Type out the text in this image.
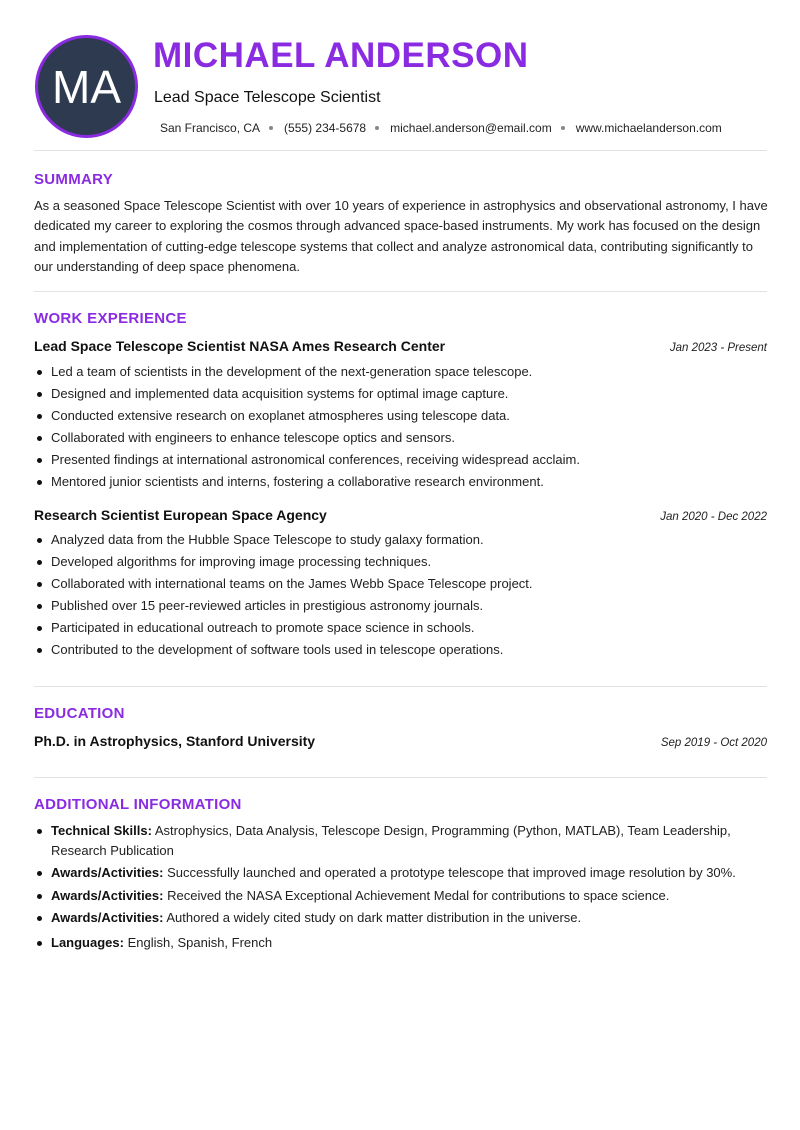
MA
MICHAEL ANDERSON
Lead Space Telescope Scientist
San Francisco, CA (555) 234-5678 michael.anderson@email.com www.michaelanderson.com
SUMMARY
As a seasoned Space Telescope Scientist with over 10 years of experience in astrophysics and observational astronomy, I have dedicated my career to exploring the cosmos through advanced space-based instruments. My work has focused on the design and implementation of cutting-edge telescope systems that collect and analyze astronomical data, contributing significantly to our understanding of deep space phenomena.
WORK EXPERIENCE
Lead Space Telescope Scientist NASA Ames Research Center	Jan 2023 - Present
Led a team of scientists in the development of the next-generation space telescope.
Designed and implemented data acquisition systems for optimal image capture.
Conducted extensive research on exoplanet atmospheres using telescope data.
Collaborated with engineers to enhance telescope optics and sensors.
Presented findings at international astronomical conferences, receiving widespread acclaim.
Mentored junior scientists and interns, fostering a collaborative research environment.
Research Scientist European Space Agency	Jan 2020 - Dec 2022
Analyzed data from the Hubble Space Telescope to study galaxy formation.
Developed algorithms for improving image processing techniques.
Collaborated with international teams on the James Webb Space Telescope project.
Published over 15 peer-reviewed articles in prestigious astronomy journals.
Participated in educational outreach to promote space science in schools.
Contributed to the development of software tools used in telescope operations.
EDUCATION
Ph.D. in Astrophysics, Stanford University	Sep 2019 - Oct 2020
ADDITIONAL INFORMATION
Technical Skills: Astrophysics, Data Analysis, Telescope Design, Programming (Python, MATLAB), Team Leadership, Research Publication
Awards/Activities: Successfully launched and operated a prototype telescope that improved image resolution by 30%.
Awards/Activities: Received the NASA Exceptional Achievement Medal for contributions to space science.
Awards/Activities: Authored a widely cited study on dark matter distribution in the universe.
Languages: English, Spanish, French
